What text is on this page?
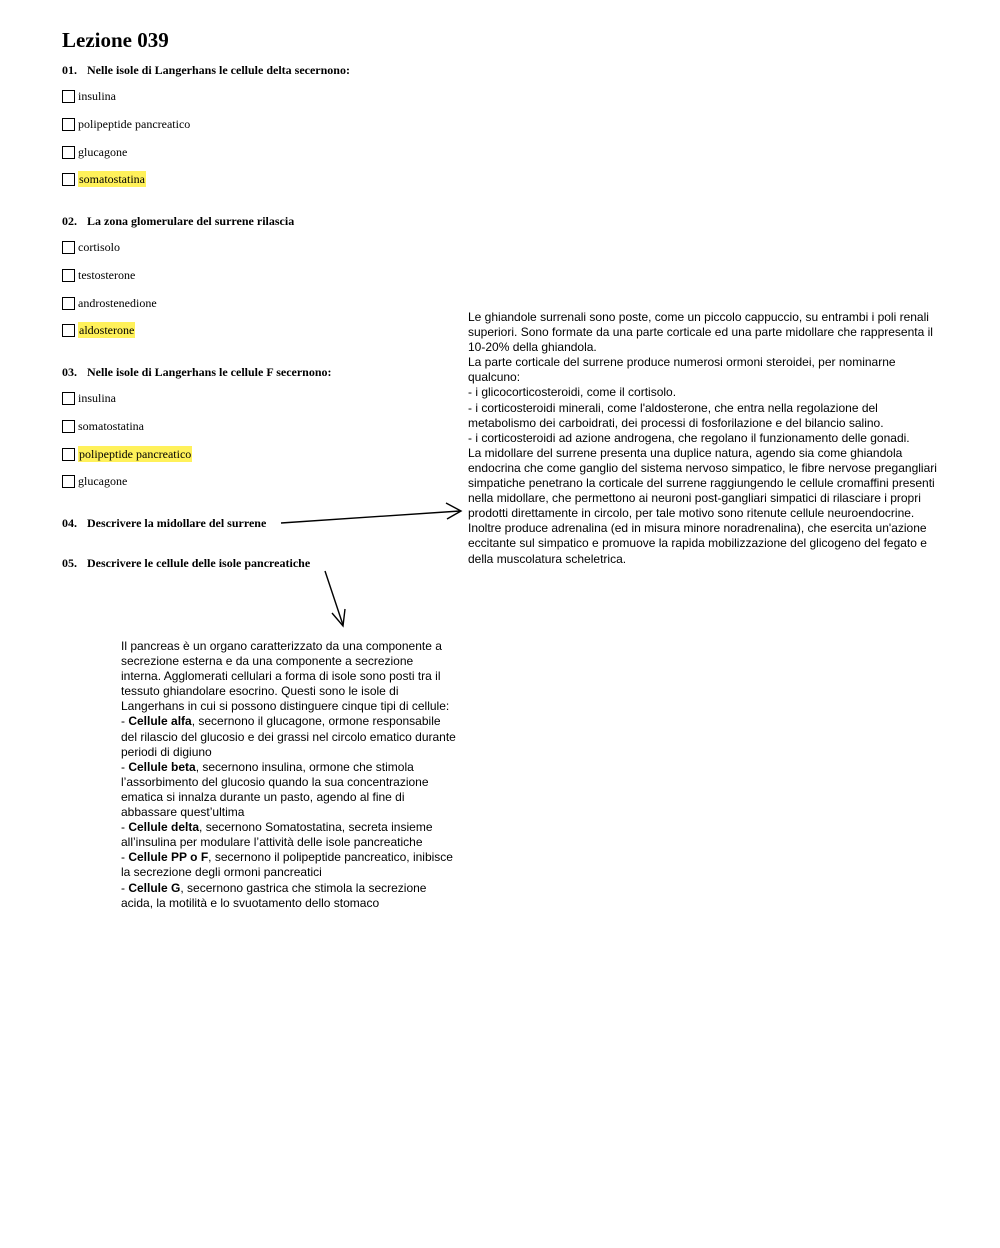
Lezione 039
01. Nelle isole di Langerhans le cellule delta secernono:
insulina
polipeptide pancreatico
glucagone
somatostatina
02. La zona glomerulare del surrene rilascia
cortisolo
testosterone
androstenedione
aldosterone
03. Nelle isole di Langerhans le cellule F secernono:
insulina
somatostatina
polipeptide pancreatico
glucagone
04. Descrivere la midollare del surrene
05. Descrivere le cellule delle isole pancreatiche

Le ghiandole surrenali sono poste, come un piccolo cappuccio, su entrambi i poli renali superiori. Sono formate da una parte corticale ed una parte midollare che rappresenta il 10-20% della ghiandola.

La parte corticale del surrene produce numerosi ormoni steroidei, per nominarne qualcuno:

- i glicocorticosteroidi, come il cortisolo.

- i corticosteroidi minerali, come l'aldosterone, che entra nella regolazione del metabolismo dei carboidrati, dei processi di fosforilazione e del bilancio salino.

- i corticosteroidi ad azione androgena, che regolano il funzionamento delle gonadi.

La midollare del surrene presenta una duplice natura, agendo sia come ghiandola endocrina che come ganglio del sistema nervoso simpatico, le fibre nervose pregangliari simpatiche penetrano la corticale del surrene raggiungendo le cellule cromaffini presenti nella midollare, che permettono ai neuroni post-gangliari simpatici di rilasciare i propri prodotti direttamente in circolo, per tale motivo sono ritenute cellule neuroendocrine.

Inoltre produce adrenalina (ed in misura minore noradrenalina), che esercita un'azione eccitante sul simpatico e promuove la rapida mobilizzazione del glicogeno del fegato e della muscolatura scheletrica.

Il pancreas è un organo caratterizzato da una componente a secrezione esterna e da una componente a secrezione interna. Agglomerati cellulari a forma di isole sono posti tra il tessuto ghiandolare esocrino. Questi sono le isole di Langerhans in cui si possono distinguere cinque tipi di cellule:

- Cellule alfa, secernono il glucagone, ormone responsabile del rilascio del glucosio e dei grassi nel circolo ematico durante periodi di digiuno

- Cellule beta, secernono insulina, ormone che stimola l’assorbimento del glucosio quando la sua concentrazione ematica si innalza durante un pasto, agendo al fine di abbassare quest’ultima

- Cellule delta, secernono Somatostatina, secreta insieme all’insulina per modulare l’attività delle isole pancreatiche

- Cellule PP o F, secernono il polipeptide pancreatico, inibisce la secrezione degli ormoni pancreatici

- Cellule G, secernono gastrica che stimola la secrezione acida, la motilità e lo svuotamento dello stomaco
